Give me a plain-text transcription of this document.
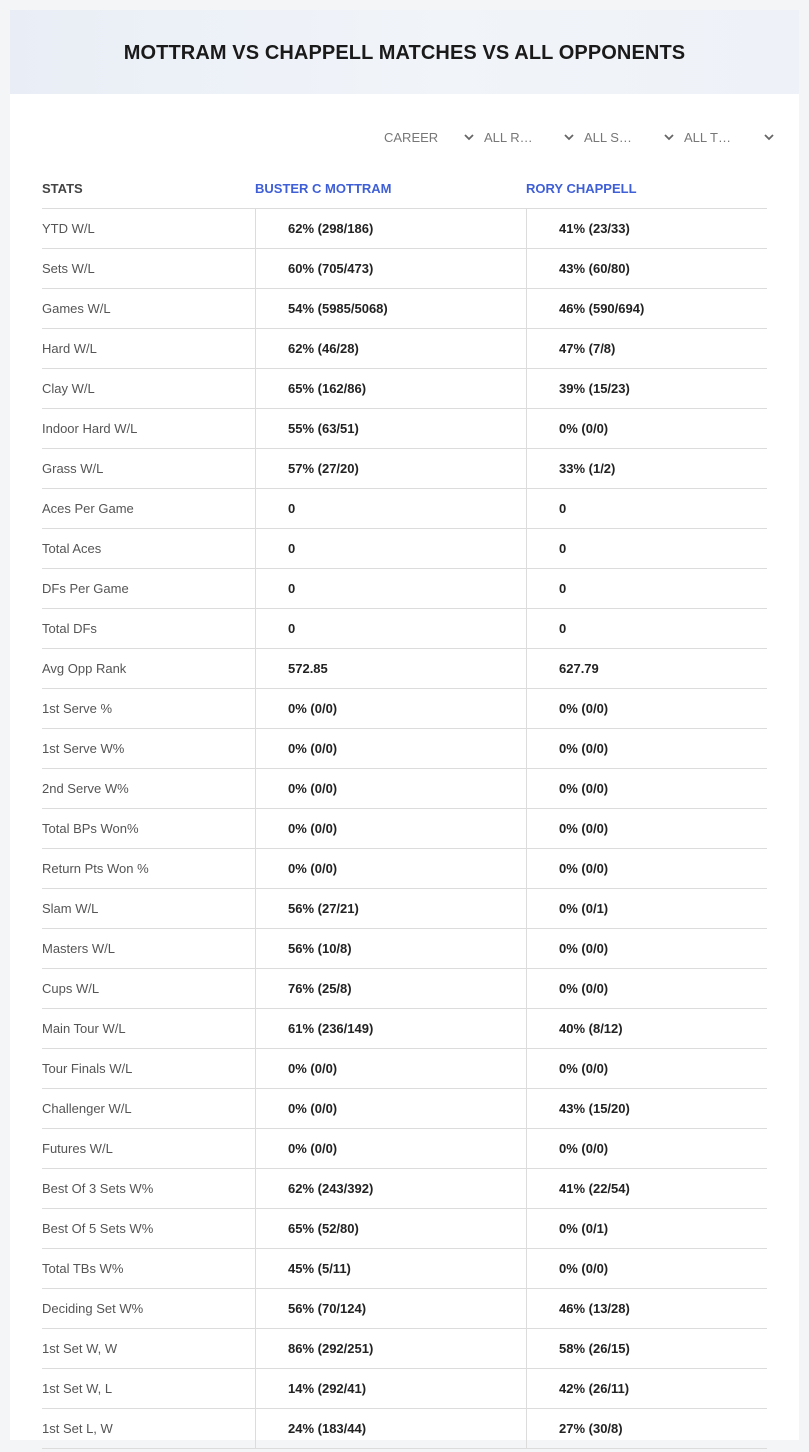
MOTTRAM VS CHAPPELL MATCHES VS ALL OPPONENTS
CAREER	ALL R…	ALL S…	ALL T…
STATS	BUSTER C MOTTRAM	RORY CHAPPELL
YTD W/L	62% (298/186)	41% (23/33)
Sets W/L	60% (705/473)	43% (60/80)
Games W/L	54% (5985/5068)	46% (590/694)
Hard W/L	62% (46/28)	47% (7/8)
Clay W/L	65% (162/86)	39% (15/23)
Indoor Hard W/L	55% (63/51)	0% (0/0)
Grass W/L	57% (27/20)	33% (1/2)
Aces Per Game	0	0
Total Aces	0	0
DFs Per Game	0	0
Total DFs	0	0
Avg Opp Rank	572.85	627.79
1st Serve %	0% (0/0)	0% (0/0)
1st Serve W%	0% (0/0)	0% (0/0)
2nd Serve W%	0% (0/0)	0% (0/0)
Total BPs Won%	0% (0/0)	0% (0/0)
Return Pts Won %	0% (0/0)	0% (0/0)
Slam W/L	56% (27/21)	0% (0/1)
Masters W/L	56% (10/8)	0% (0/0)
Cups W/L	76% (25/8)	0% (0/0)
Main Tour W/L	61% (236/149)	40% (8/12)
Tour Finals W/L	0% (0/0)	0% (0/0)
Challenger W/L	0% (0/0)	43% (15/20)
Futures W/L	0% (0/0)	0% (0/0)
Best Of 3 Sets W%	62% (243/392)	41% (22/54)
Best Of 5 Sets W%	65% (52/80)	0% (0/1)
Total TBs W%	45% (5/11)	0% (0/0)
Deciding Set W%	56% (70/124)	46% (13/28)
1st Set W, W	86% (292/251)	58% (26/15)
1st Set W, L	14% (292/41)	42% (26/11)
1st Set L, W	24% (183/44)	27% (30/8)
